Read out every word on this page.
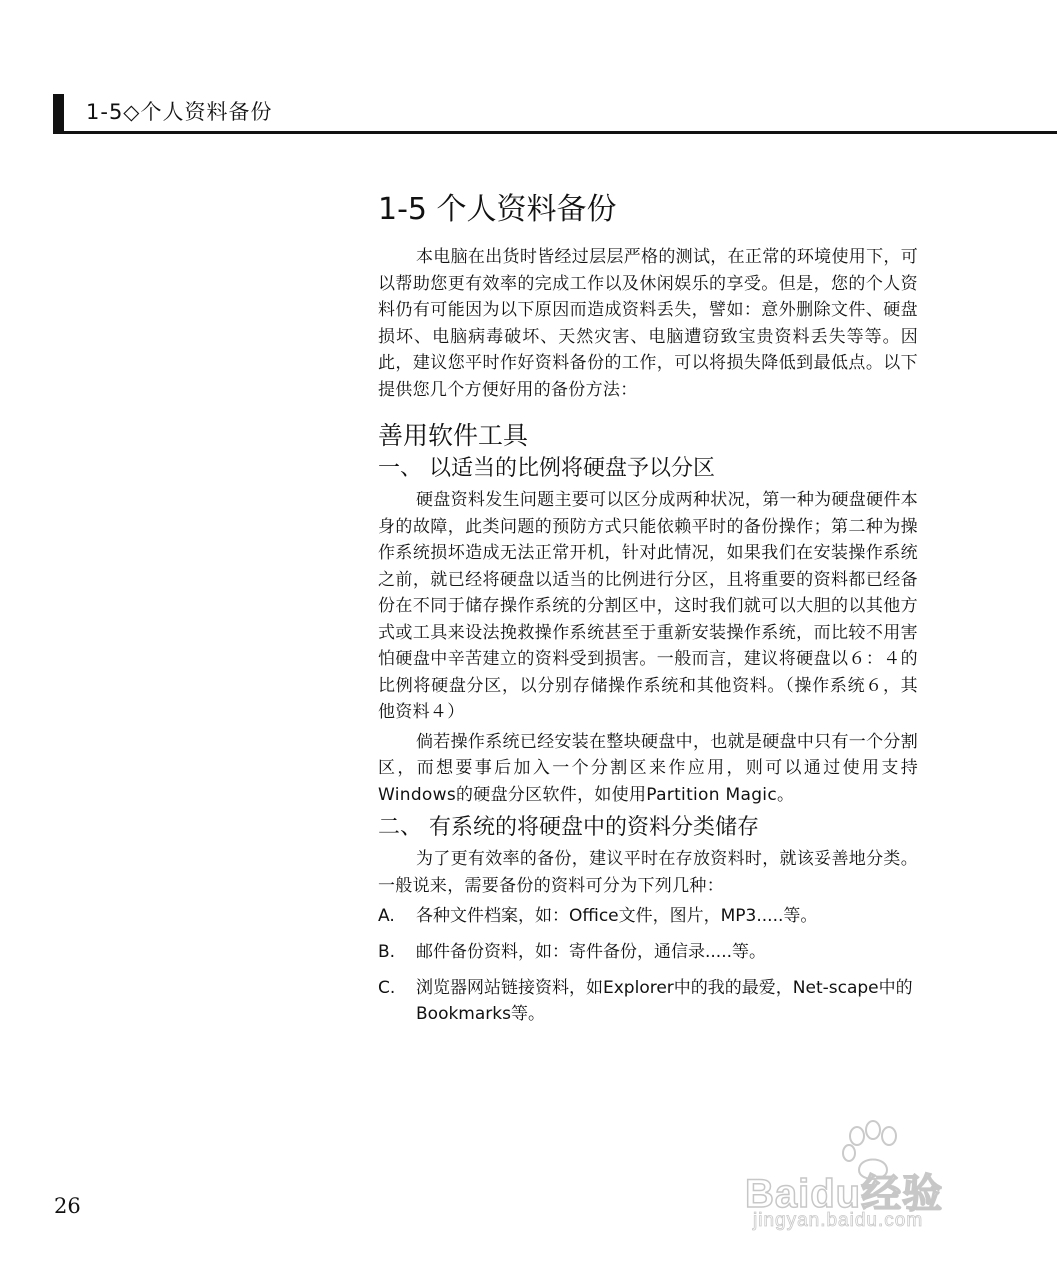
1-5◇个人资料备份
1-5 个人资料备份

本电脑在出货时皆经过层层严格的测试，在正常的环境使用下，可以帮助您更有效率的完成工作以及休闲娱乐的享受。但是，您的个人资料仍有可能因为以下原因而造成资料丢失，譬如：意外删除文件、硬盘损坏、电脑病毒破坏、天然灾害、电脑遭窃致宝贵资料丢失等等。因此，建议您平时作好资料备份的工作，可以将损失降低到最低点。以下提供您几个方便好用的备份方法：

善用软件工具
一、 以适当的比例将硬盘予以分区

硬盘资料发生问题主要可以区分成两种状况，第一种为硬盘硬件本身的故障，此类问题的预防方式只能依赖平时的备份操作；第二种为操作系统损坏造成无法正常开机，针对此情况，如果我们在安装操作系统之前，就已经将硬盘以适当的比例进行分区，且将重要的资料都已经备份在不同于储存操作系统的分割区中，这时我们就可以大胆的以其他方式或工具来设法挽救操作系统甚至于重新安装操作系统，而比较不用害怕硬盘中辛苦建立的资料受到损害。一般而言，建议将硬盘以６：４的比例将硬盘分区，以分别存储操作系统和其他资料。（操作系统６，其他资料４）

倘若操作系统已经安装在整块硬盘中，也就是硬盘中只有一个分割区，而想要事后加入一个分割区来作应用，则可以通过使用支持Windows的硬盘分区软件，如使用Partition Magic。

二、 有系统的将硬盘中的资料分类储存

为了更有效率的备份，建议平时在存放资料时，就该妥善地分类。一般说来，需要备份的资料可分为下列几种：

A.	各种文件档案，如：Office文件，图片，MP3.....等。
B.	邮件备份资料，如：寄件备份，通信录.....等。
C.	浏览器网站链接资料，如Explorer中的我的最爱，Net-scape中的Bookmarks等。
26	Baidu经验
jingyan.baidu.com
